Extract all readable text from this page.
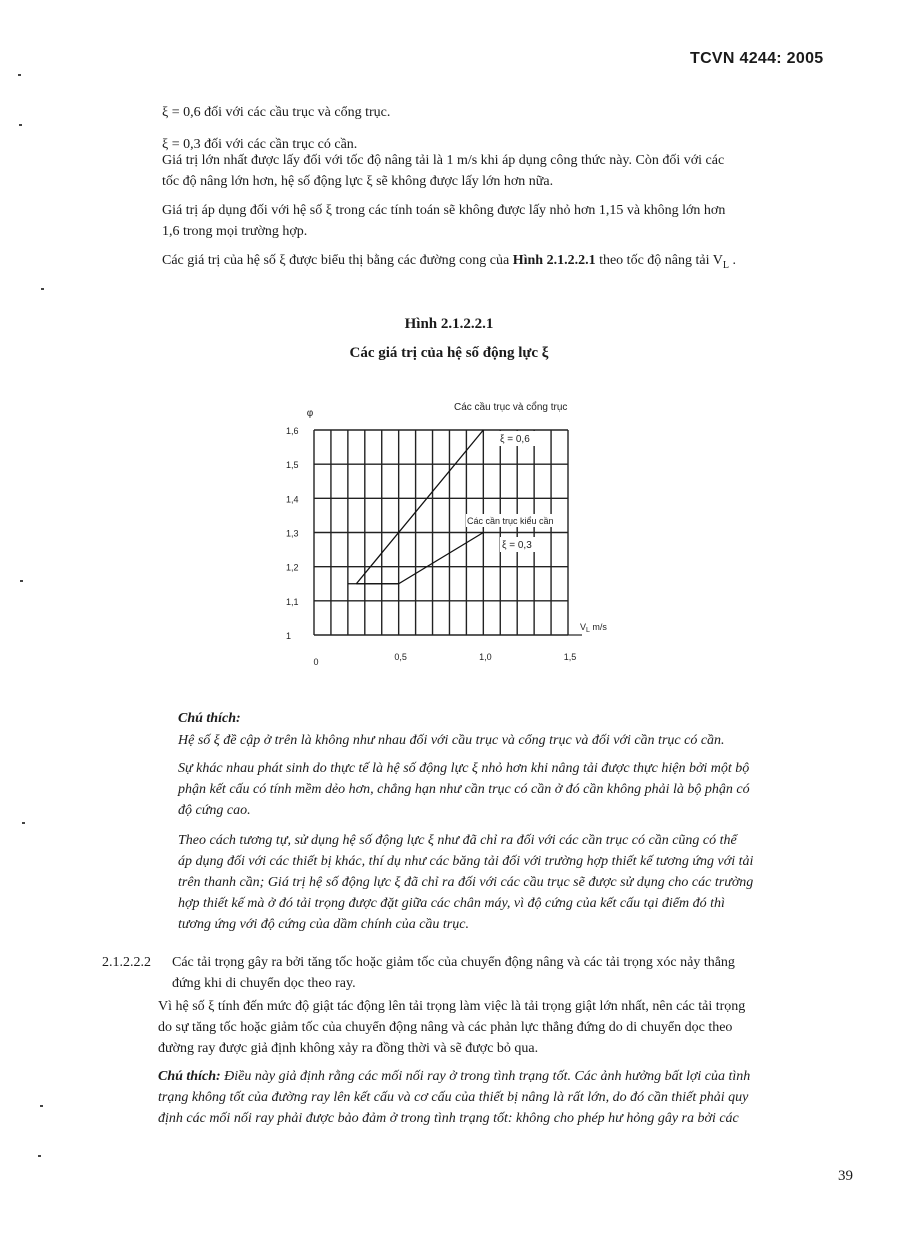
TCVN 4244: 2005
ξ = 0,6 đối với các cầu trục và cổng trục.
ξ = 0,3 đối với các cần trục có cần.
Giá trị lớn nhất được lấy đối với tốc độ nâng tải là 1 m/s khi áp dụng công thức này. Còn đối với các
tốc độ nâng lớn hơn, hệ số động lực ξ sẽ không được lấy lớn hơn nữa.
Giá trị áp dụng đối với hệ số ξ trong các tính toán sẽ không được lấy nhỏ hơn 1,15 và không lớn hơn
1,6 trong mọi trường hợp.
Các giá trị của hệ số ξ được biểu thị bằng các đường cong của Hình 2.1.2.2.1 theo tốc độ nâng tải $V_L$ .
Hình 2.1.2.2.1
Các giá trị của hệ số động lực ξ
1
1,1
1,2
1,3
1,4
1,5
1,6
0	0,5	1,0	1,5
φ
$V_L$ m/s
Các cầu trục và cổng trục
ξ = 0,6
Các cần trục kiểu cần
ξ = 0,3
Chú thích:
Hệ số ξ đề cập ở trên là không như nhau đối với cầu trục và cổng trục và đối với cần trục có cần.
Sự khác nhau phát sinh do thực tế là hệ số động lực ξ nhỏ hơn khi nâng tải được thực hiện bởi một bộ
phận kết cấu có tính mềm dẻo hơn, chẳng hạn như cần trục có cần ở đó cần không phải là bộ phận có
độ cứng cao.
Theo cách tương tự, sử dụng hệ số động lực ξ như đã chỉ ra đối với các cần trục có cần cũng có thể
áp dụng đối với các thiết bị khác, thí dụ như các băng tải đối với trường hợp thiết kế tương ứng với tải
trên thanh cần; Giá trị hệ số động lực ξ đã chỉ ra đối với các cầu trục sẽ được sử dụng cho các trường
hợp thiết kế mà ở đó tải trọng được đặt giữa các chân máy, vì độ cứng của kết cấu tại điểm đó thì
tương ứng với độ cứng của dầm chính của cầu trục.
2.1.2.2.2 Các tải trọng gây ra bởi tăng tốc hoặc giảm tốc của chuyển động nâng và các tải trọng xóc nảy thẳng
đứng khi di chuyển dọc theo ray.
Vì hệ số ξ tính đến mức độ giật tác động lên tải trọng làm việc là tải trọng giật lớn nhất, nên các tải trọng
do sự tăng tốc hoặc giảm tốc của chuyển động nâng và các phản lực thẳng đứng do di chuyển dọc theo
đường ray được giả định không xảy ra đồng thời và sẽ được bỏ qua.
Chú thích: Điều này giả định rằng các mối nối ray ở trong tình trạng tốt. Các ảnh hưởng bất lợi của tình
trạng không tốt của đường ray lên kết cấu và cơ cấu của thiết bị nâng là rất lớn, do đó cần thiết phải quy
định các mối nối ray phải được bảo đảm ở trong tình trạng tốt: không cho phép hư hỏng gây ra bởi các
39
